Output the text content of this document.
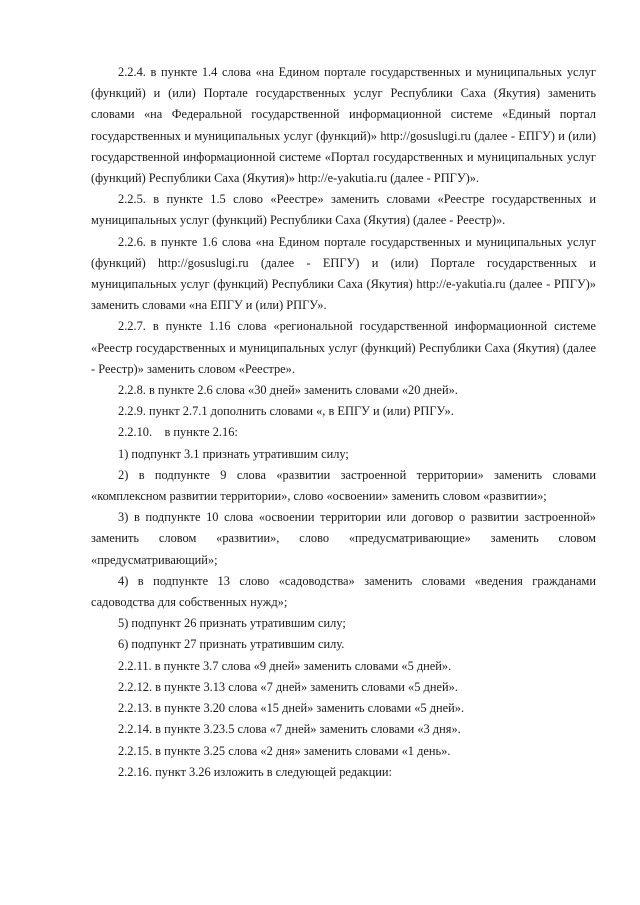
2.2.4. в пункте 1.4 слова «на Едином портале государственных и муниципальных услуг (функций) и (или) Портале государственных услуг Республики Саха (Якутия) заменить словами «на Федеральной государственной информационной системе «Единый портал государственных и муниципальных услуг (функций)» http://gosuslugi.ru (далее - ЕПГУ) и (или) государственной информационной системе «Портал государственных и муниципальных услуг (функций) Республики Саха (Якутия)» http://e-yakutia.ru (далее - РПГУ)».

2.2.5. в пункте 1.5 слово «Реестре» заменить словами «Реестре государственных и муниципальных услуг (функций) Республики Саха (Якутия) (далее - Реестр)».

2.2.6. в пункте 1.6 слова «на Едином портале государственных и муниципальных услуг (функций) http://gosuslugi.ru (далее - ЕПГУ) и (или) Портале государственных и муниципальных услуг (функций) Республики Саха (Якутия) http://e-yakutia.ru (далее - РПГУ)» заменить словами «на ЕПГУ и (или) РПГУ».

2.2.7. в пункте 1.16 слова «региональной государственной информационной системе «Реестр государственных и муниципальных услуг (функций) Республики Саха (Якутия) (далее - Реестр)» заменить словом «Реестре».

2.2.8. в пункте 2.6 слова «30 дней» заменить словами «20 дней».

2.2.9. пункт 2.7.1 дополнить словами «, в ЕПГУ и (или) РПГУ».

2.2.10.    в пункте 2.16:

1) подпункт 3.1 признать утратившим силу;

2) в подпункте 9 слова «развитии застроенной территории» заменить словами «комплексном развитии территории», слово «освоении» заменить словом «развитии»;

3) в подпункте 10 слова «освоении территории или договор о развитии застроенной» заменить словом «развитии», слово «предусматривающие» заменить словом «предусматривающий»;

4) в подпункте 13 слово «садоводства» заменить словами «ведения гражданами садоводства для собственных нужд»;

5) подпункт 26 признать утратившим силу;

6) подпункт 27 признать утратившим силу.

2.2.11. в пункте 3.7 слова «9 дней» заменить словами «5 дней».

2.2.12. в пункте 3.13 слова «7 дней» заменить словами «5 дней».

2.2.13. в пункте 3.20 слова «15 дней» заменить словами «5 дней».

2.2.14. в пункте 3.23.5 слова «7 дней» заменить словами «3 дня».

2.2.15. в пункте 3.25 слова «2 дня» заменить словами «1 день».

2.2.16. пункт 3.26 изложить в следующей редакции:
